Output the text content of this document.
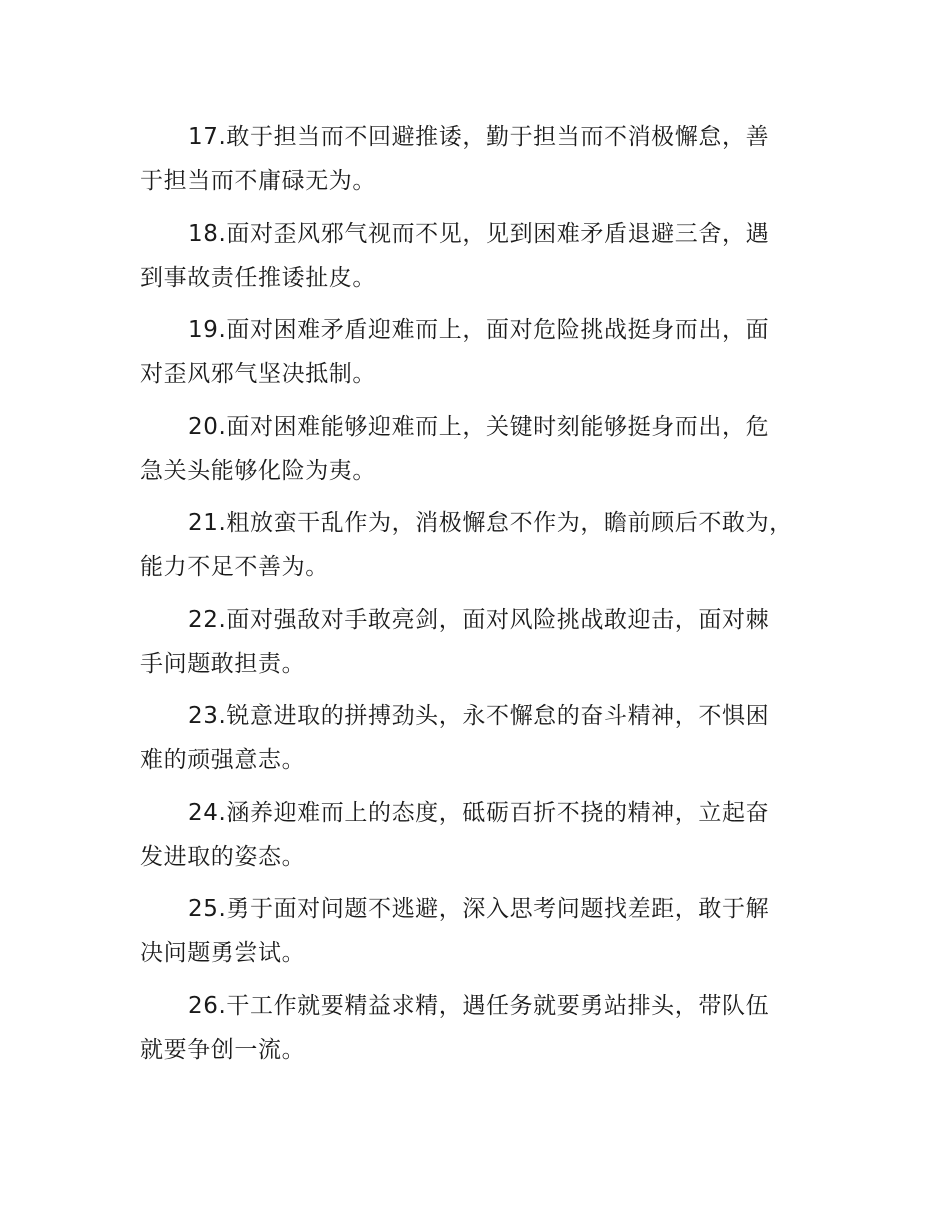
17.敢于担当而不回避推诿，勤于担当而不消极懈怠，善
于担当而不庸碌无为。
18.面对歪风邪气视而不见，见到困难矛盾退避三舍，遇
到事故责任推诿扯皮。
19.面对困难矛盾迎难而上，面对危险挑战挺身而出，面
对歪风邪气坚决抵制。
20.面对困难能够迎难而上，关键时刻能够挺身而出，危
急关头能够化险为夷。
21.粗放蛮干乱作为，消极懈怠不作为，瞻前顾后不敢为，
能力不足不善为。
22.面对强敌对手敢亮剑，面对风险挑战敢迎击，面对棘
手问题敢担责。
23.锐意进取的拼搏劲头，永不懈怠的奋斗精神，不惧困
难的顽强意志。
24.涵养迎难而上的态度，砥砺百折不挠的精神，立起奋
发进取的姿态。
25.勇于面对问题不逃避，深入思考问题找差距，敢于解
决问题勇尝试。
26.干工作就要精益求精，遇任务就要勇站排头，带队伍
就要争创一流。
